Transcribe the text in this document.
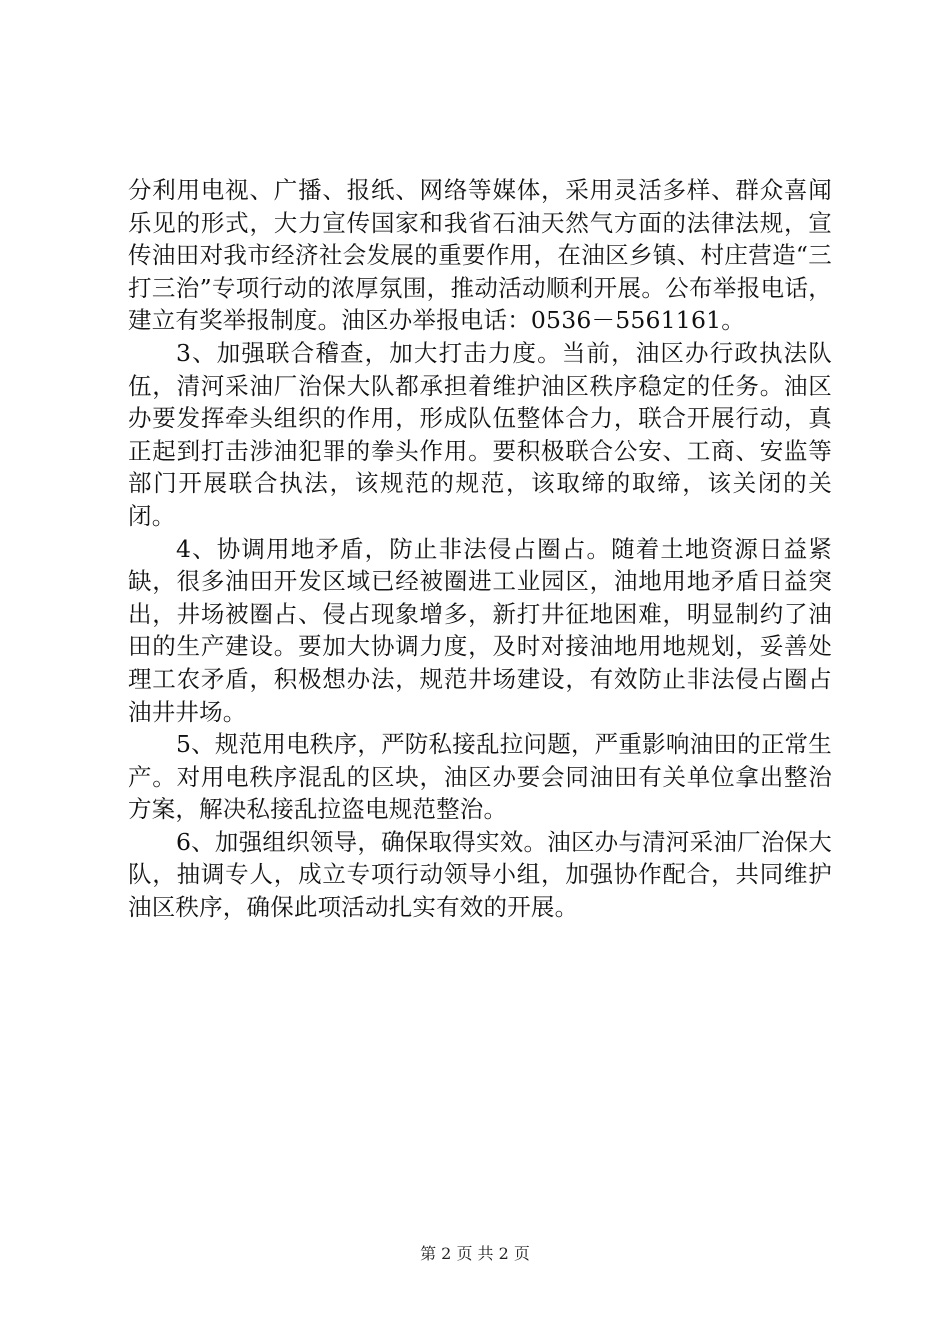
分利用电视、广播、报纸、网络等媒体，采用灵活多样、群众喜闻乐见的形式，大力宣传国家和我省石油天然气方面的法律法规，宣传油田对我市经济社会发展的重要作用，在油区乡镇、村庄营造“三打三治”专项行动的浓厚氛围，推动活动顺利开展。公布举报电话，建立有奖举报制度。油区办举报电话：0536－5561161。

3、加强联合稽查，加大打击力度。当前，油区办行政执法队伍，清河采油厂治保大队都承担着维护油区秩序稳定的任务。油区办要发挥牵头组织的作用，形成队伍整体合力，联合开展行动，真正起到打击涉油犯罪的拳头作用。要积极联合公安、工商、安监等部门开展联合执法，该规范的规范，该取缔的取缔，该关闭的关闭。

4、协调用地矛盾，防止非法侵占圈占。随着土地资源日益紧缺，很多油田开发区域已经被圈进工业园区，油地用地矛盾日益突出，井场被圈占、侵占现象增多，新打井征地困难，明显制约了油田的生产建设。要加大协调力度，及时对接油地用地规划，妥善处理工农矛盾，积极想办法，规范井场建设，有效防止非法侵占圈占油井井场。

5、规范用电秩序，严防私接乱拉问题，严重影响油田的正常生产。对用电秩序混乱的区块，油区办要会同油田有关单位拿出整治方案，解决私接乱拉盗电规范整治。

6、加强组织领导，确保取得实效。油区办与清河采油厂治保大队，抽调专人，成立专项行动领导小组，加强协作配合，共同维护油区秩序，确保此项活动扎实有效的开展。

第 2 页 共 2 页
